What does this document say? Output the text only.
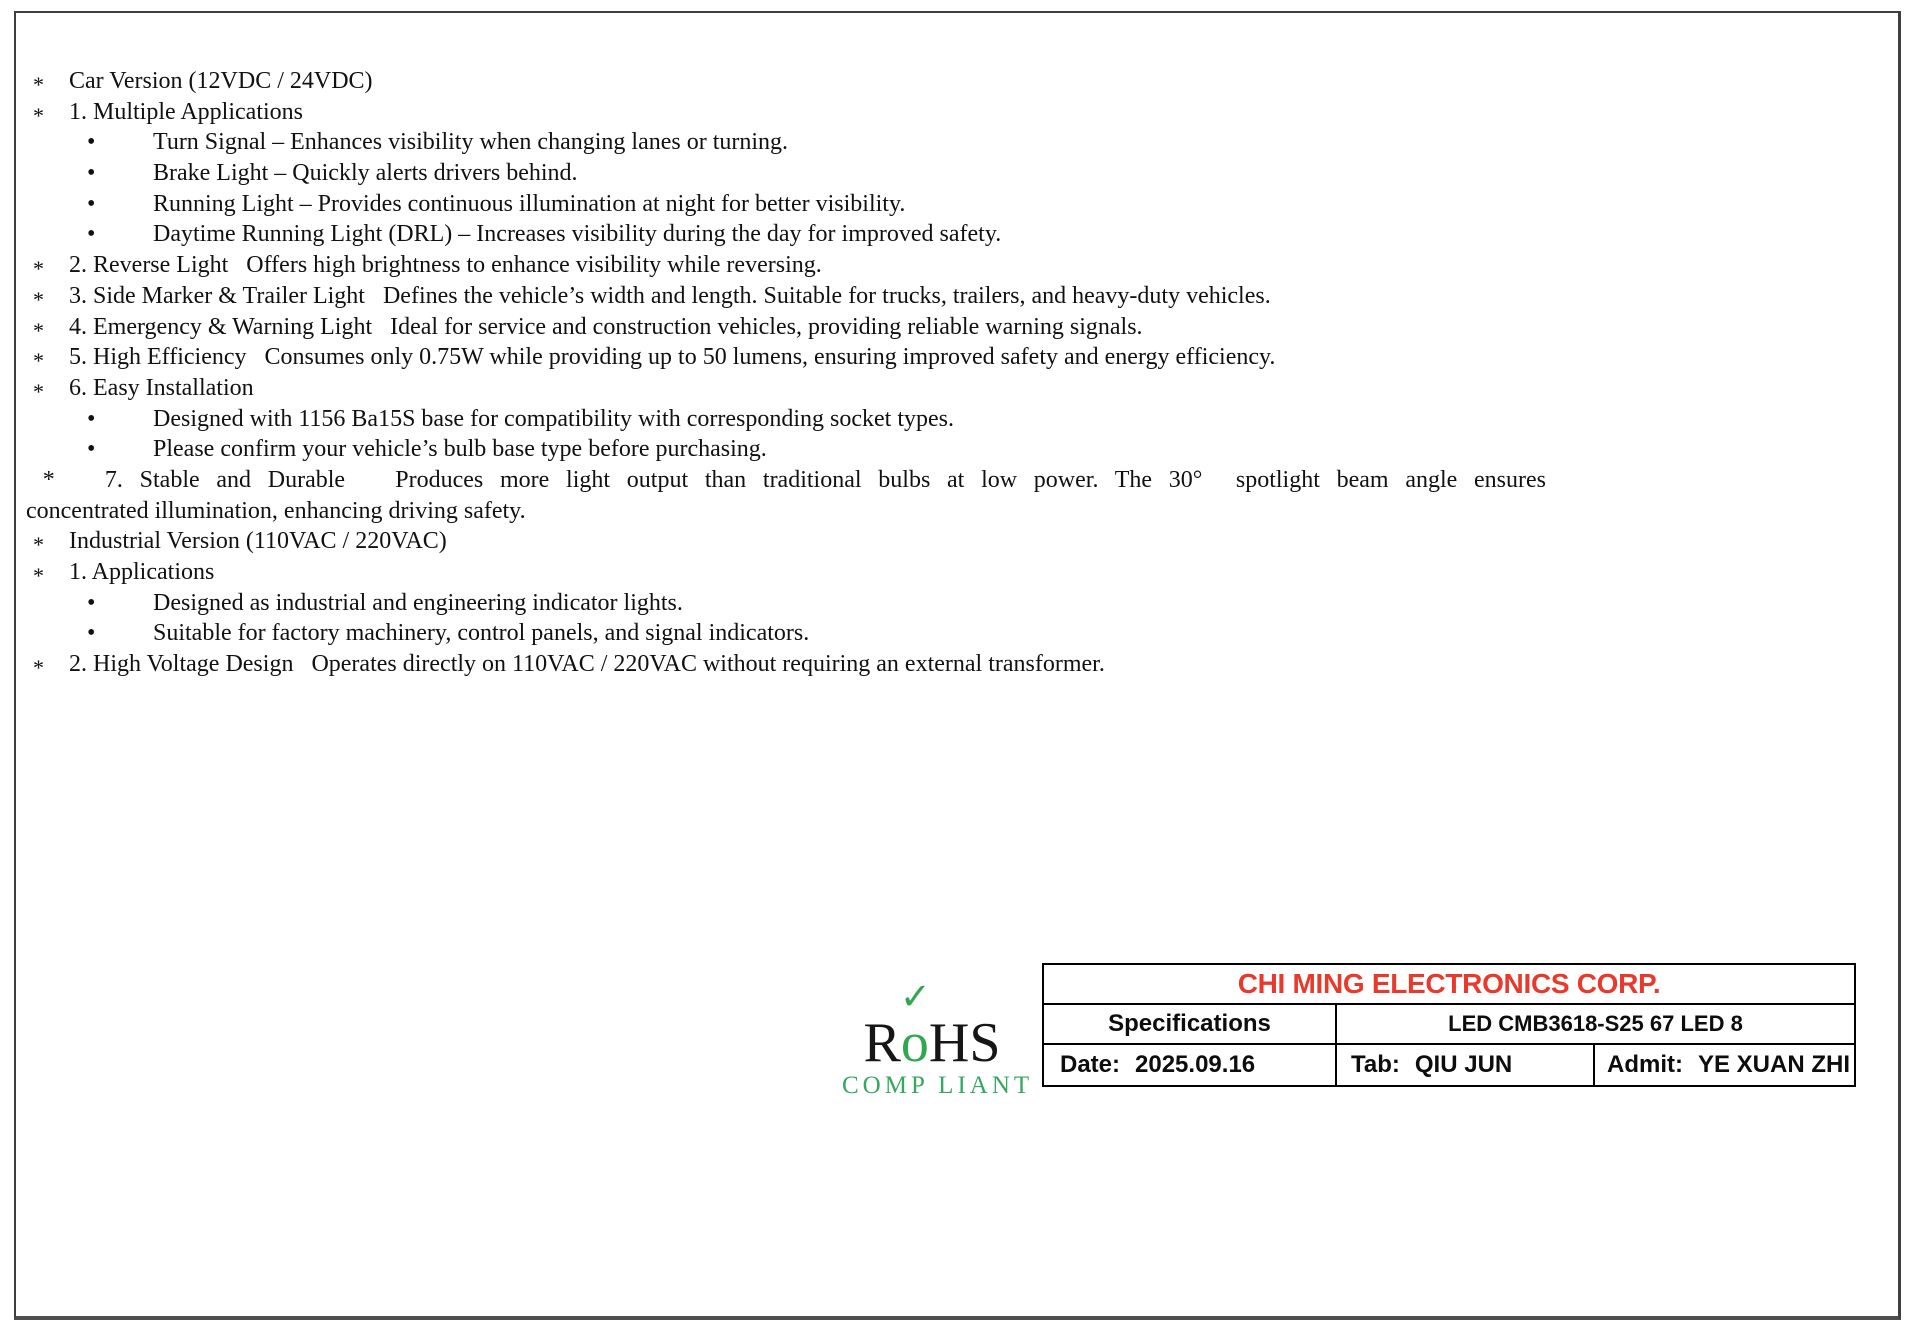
* Car Version (12VDC / 24VDC)
* 1. Multiple Applications
• Turn Signal – Enhances visibility when changing lanes or turning.
• Brake Light – Quickly alerts drivers behind.
• Running Light – Provides continuous illumination at night for better visibility.
• Daytime Running Light (DRL) – Increases visibility during the day for improved safety.
* 2. Reverse Light   Offers high brightness to enhance visibility while reversing.
* 3. Side Marker & Trailer Light   Defines the vehicle’s width and length. Suitable for trucks, trailers, and heavy-duty vehicles.
* 4. Emergency & Warning Light   Ideal for service and construction vehicles, providing reliable warning signals.
* 5. High Efficiency   Consumes only 0.75W while providing up to 50 lumens, ensuring improved safety and energy efficiency.
* 6. Easy Installation
• Designed with 1156 Ba15S base for compatibility with corresponding socket types.
• Please confirm your vehicle’s bulb base type before purchasing.
*   7. Stable and Durable   Produces more light output than traditional bulbs at low power. The 30°  spotlight beam angle ensures
concentrated illumination, enhancing driving safety.
* Industrial Version (110VAC / 220VAC)
* 1. Applications
• Designed as industrial and engineering indicator lights.
• Suitable for factory machinery, control panels, and signal indicators.
* 2. High Voltage Design   Operates directly on 110VAC / 220VAC without requiring an external transformer.
R
✓
oHS
COMP LIANT
CHI MING ELECTRONICS CORP.
Specifications	LED CMB3618-S25 67 LED 8
Date: 2025.09.16	Tab: QIU JUN	Admit: YE XUAN ZHI
